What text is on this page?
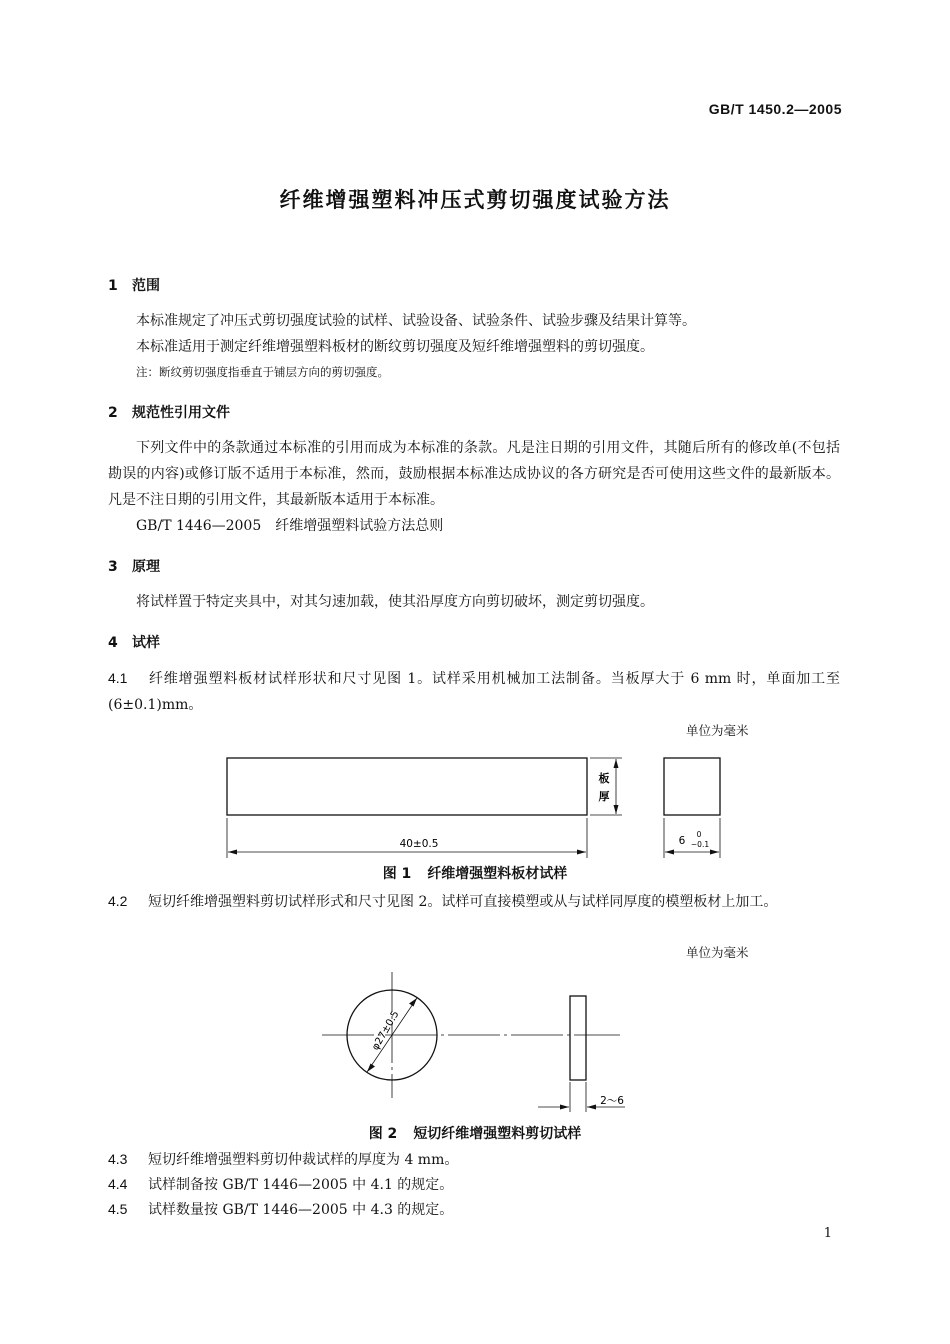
GB/T 1450.2—2005
纤维增强塑料冲压式剪切强度试验方法
1 范围
本标准规定了冲压式剪切强度试验的试样、试验设备、试验条件、试验步骤及结果计算等。
本标准适用于测定纤维增强塑料板材的断纹剪切强度及短纤维增强塑料的剪切强度。
注：断纹剪切强度指垂直于铺层方向的剪切强度。
2 规范性引用文件
下列文件中的条款通过本标准的引用而成为本标准的条款。凡是注日期的引用文件，其随后所有的修改单(不包括勘误的内容)或修订版不适用于本标准，然而，鼓励根据本标准达成协议的各方研究是否可使用这些文件的最新版本。凡是不注日期的引用文件，其最新版本适用于本标准。
GB/T 1446—2005　纤维增强塑料试验方法总则
3 原理
将试样置于特定夹具中，对其匀速加载，使其沿厚度方向剪切破坏，测定剪切强度。
4 试样
4.1 纤维增强塑料板材试样形状和尺寸见图 1。试样采用机械加工法制备。当板厚大于 6 mm 时，单面加工至(6±0.1)mm。
单位为毫米
40±0.5
板
厚
6
0
−0.1
图 1 纤维增强塑料板材试样
4.2 短切纤维增强塑料剪切试样形式和尺寸见图 2。试样可直接模塑或从与试样同厚度的模塑板材上加工。
单位为毫米
φ27±0.5
2～6
图 2 短切纤维增强塑料剪切试样
4.3 短切纤维增强塑料剪切仲裁试样的厚度为 4 mm。
4.4 试样制备按 GB/T 1446—2005 中 4.1 的规定。
4.5 试样数量按 GB/T 1446—2005 中 4.3 的规定。
1
